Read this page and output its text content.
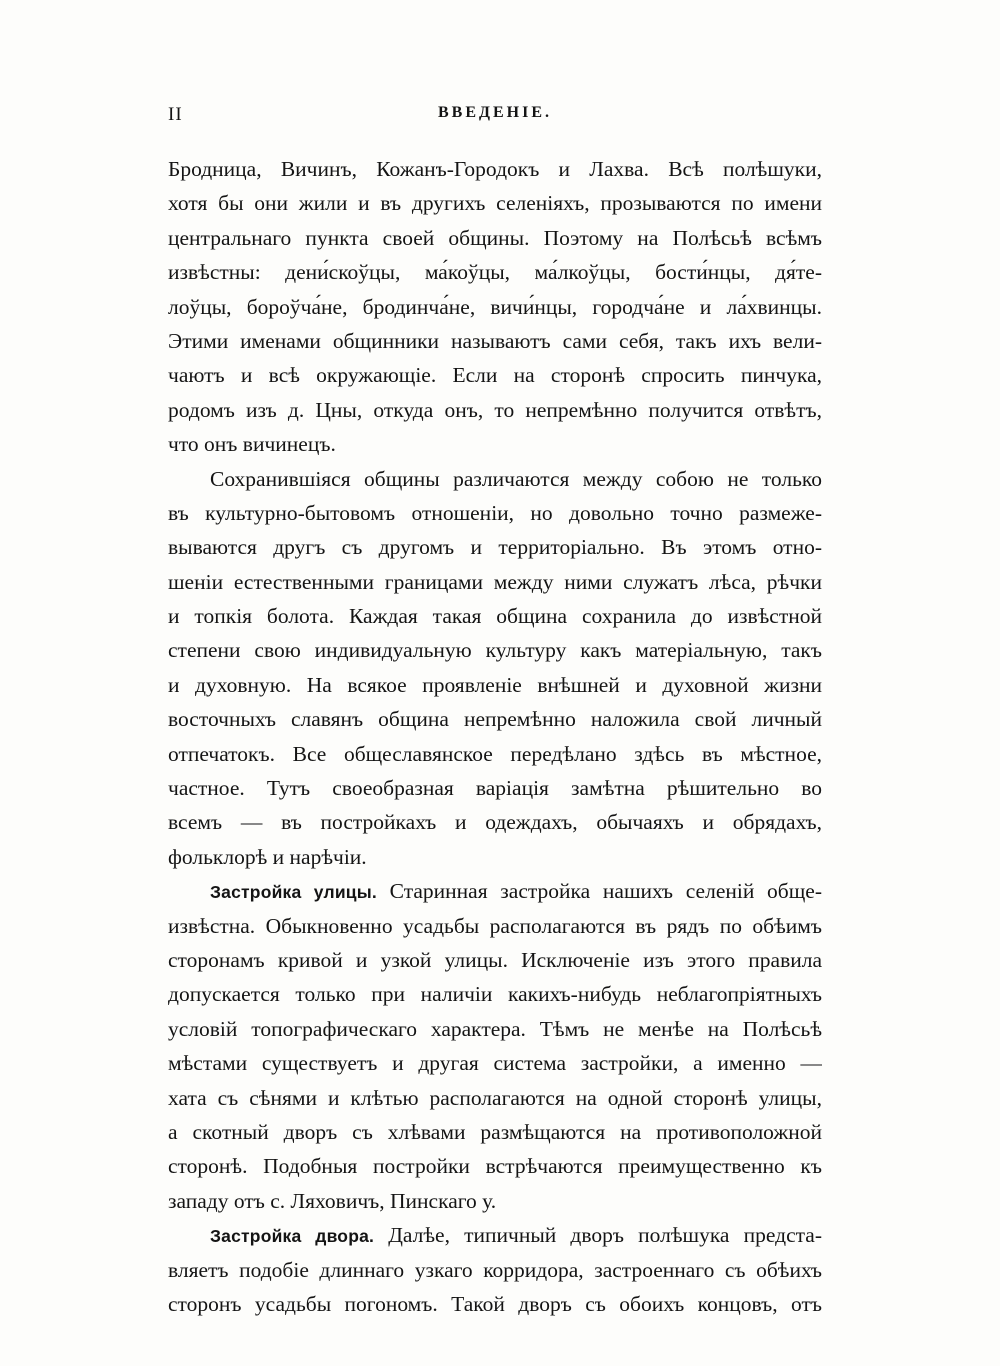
II	ВВЕДЕНІЕ.
Бродница, Вичинъ, Кожанъ-Городокъ и Лахва. Всѣ полѣшуки,
хотя бы они жили и въ другихъ селеніяхъ, прозываются по имени
центральнаго пункта своей общины. Поэтому на Полѣсьѣ всѣмъ
извѣстны: дени́скоўцы, ма́коўцы, ма́лкоўцы, бости́нцы, дя́те-
лоўцы, бороўча́не, бродинча́не, вичи́нцы, городча́не и ла́хвинцы.
Этими именами общинники называютъ сами себя, такъ ихъ вели-
чаютъ и всѣ окружающіе. Если на сторонѣ спросить пинчука,
родомъ изъ д. Цны, откуда онъ, то непремѣнно получится отвѣтъ,
что онъ вичинецъ.
Сохранившіяся общины различаются между собою не только
въ культурно-бытовомъ отношеніи, но довольно точно размеже-
вываются другъ съ другомъ и территоріально. Въ этомъ отно-
шеніи естественными границами между ними служатъ лѣса, рѣчки
и топкія болота. Каждая такая община сохранила до извѣстной
степени свою индивидуальную культуру какъ матеріальную, такъ
и духовную. На всякое проявленіе внѣшней и духовной жизни
восточныхъ славянъ община непремѣнно наложила свой личный
отпечатокъ. Все общеславянское передѣлано здѣсь въ мѣстное,
частное. Тутъ своеобразная варіація замѣтна рѣшительно во
всемъ — въ постройкахъ и одеждахъ, обычаяхъ и обрядахъ,
фольклорѣ и нарѣчіи.
Застройка улицы. Старинная застройка нашихъ селеній обще-
извѣстна. Обыкновенно усадьбы располагаются въ рядъ по обѣимъ
сторонамъ кривой и узкой улицы. Исключеніе изъ этого правила
допускается только при наличіи какихъ-нибудь неблагопріятныхъ
условій топографическаго характера. Тѣмъ не менѣе на Полѣсьѣ
мѣстами существуетъ и другая система застройки, а именно —
хата съ сѣнями и клѣтью располагаются на одной сторонѣ улицы,
а скотный дворъ съ хлѣвами размѣщаются на противоположной
сторонѣ. Подобныя постройки встрѣчаются преимущественно къ
западу отъ с. Ляховичъ, Пинскаго у.
Застройка двора. Далѣе, типичный дворъ полѣшука предста-
вляетъ подобіе длиннаго узкаго корридора, застроеннаго съ обѣихъ
сторонъ усадьбы погономъ. Такой дворъ съ обоихъ концовъ, отъ
